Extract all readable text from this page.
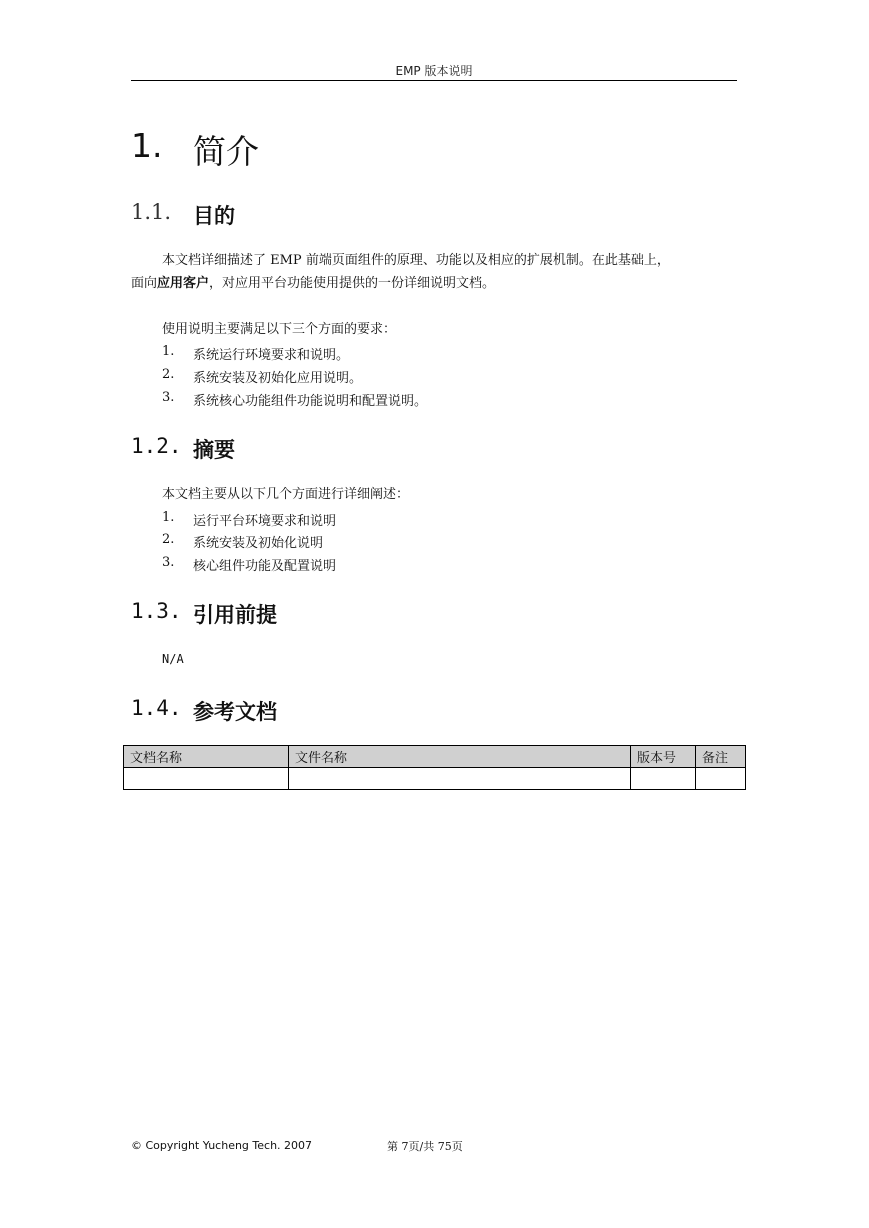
EMP 版本说明
1. 简介
1.1.	目的
本文档详细描述了 EMP 前端页面组件的原理、功能以及相应的扩展机制。在此基础上，
面向应用客户，对应用平台功能使用提供的一份详细说明文档。
使用说明主要满足以下三个方面的要求：
1.	系统运行环境要求和说明。
2.	系统安装及初始化应用说明。
3.	系统核心功能组件功能说明和配置说明。
1.2. 摘要
本文档主要从以下几个方面进行详细阐述：
1.	运行平台环境要求和说明
2.	系统安装及初始化说明
3.	核心组件功能及配置说明
1.3. 引用前提
N/A
1.4. 参考文档
文档名称	文件名称	版本号	备注

© Copyright Yucheng Tech. 2007	第 7页/共 75页
